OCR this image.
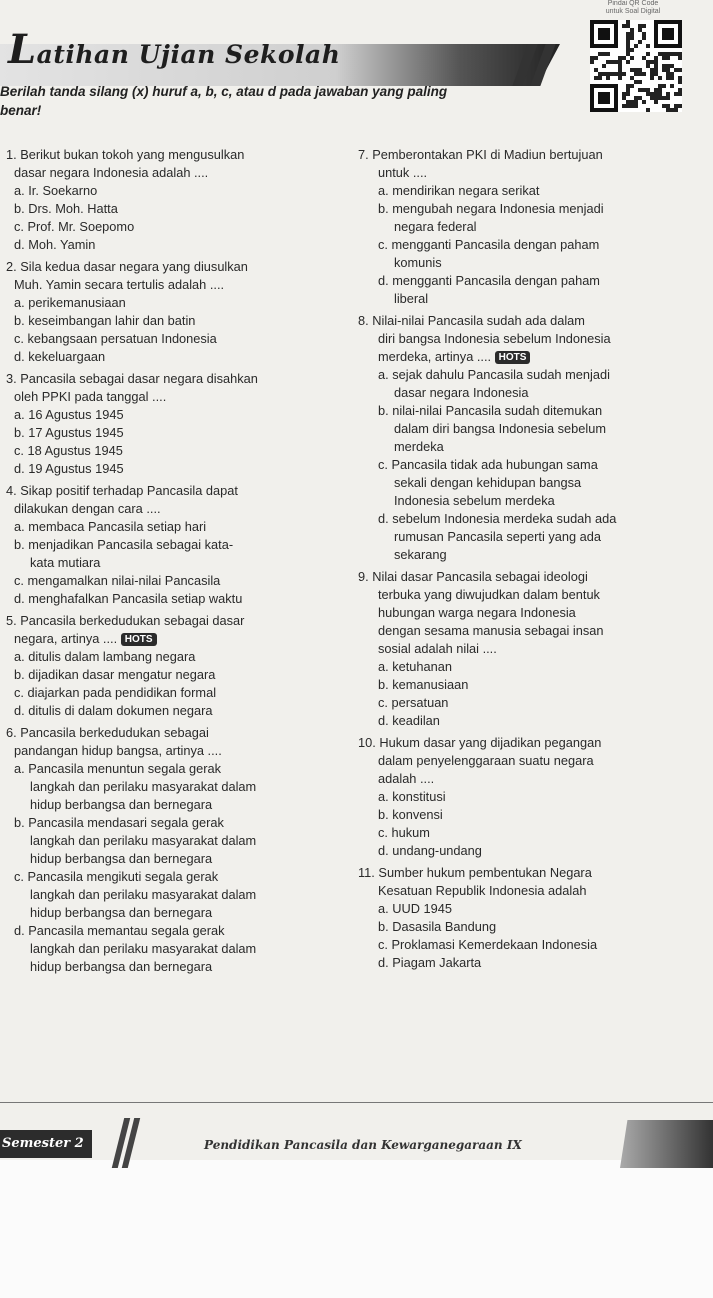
Latihan Ujian Sekolah
Pindai QR Code
untuk Soal Digital
Berilah tanda silang (x) huruf a, b, c, atau d pada jawaban yang paling
benar!
1. Berikut bukan tokoh yang mengusulkan
dasar negara Indonesia adalah ....
a. Ir. Soekarno
b. Drs. Moh. Hatta
c. Prof. Mr. Soepomo
d. Moh. Yamin
2. Sila kedua dasar negara yang diusulkan
Muh. Yamin secara tertulis adalah ....
a. perikemanusiaan
b. keseimbangan lahir dan batin
c. kebangsaan persatuan Indonesia
d. kekeluargaan
3. Pancasila sebagai dasar negara disahkan
oleh PPKI pada tanggal ....
a. 16 Agustus 1945
b. 17 Agustus 1945
c. 18 Agustus 1945
d. 19 Agustus 1945
4. Sikap positif terhadap Pancasila dapat
dilakukan dengan cara ....
a. membaca Pancasila setiap hari
b. menjadikan Pancasila sebagai kata-
kata mutiara
c. mengamalkan nilai-nilai Pancasila
d. menghafalkan Pancasila setiap waktu
5. Pancasila berkedudukan sebagai dasar
negara, artinya .... HOTS
a. ditulis dalam lambang negara
b. dijadikan dasar mengatur negara
c. diajarkan pada pendidikan formal
d. ditulis di dalam dokumen negara
6. Pancasila berkedudukan sebagai
pandangan hidup bangsa, artinya ....
a. Pancasila menuntun segala gerak
langkah dan perilaku masyarakat dalam
hidup berbangsa dan bernegara
b. Pancasila mendasari segala gerak
langkah dan perilaku masyarakat dalam
hidup berbangsa dan bernegara
c. Pancasila mengikuti segala gerak
langkah dan perilaku masyarakat dalam
hidup berbangsa dan bernegara
d. Pancasila memantau segala gerak
langkah dan perilaku masyarakat dalam
hidup berbangsa dan bernegara
7. Pemberontakan PKI di Madiun bertujuan
untuk ....
a. mendirikan negara serikat
b. mengubah negara Indonesia menjadi
negara federal
c. mengganti Pancasila dengan paham
komunis
d. mengganti Pancasila dengan paham
liberal
8. Nilai-nilai Pancasila sudah ada dalam
diri bangsa Indonesia sebelum Indonesia
merdeka, artinya .... HOTS
a. sejak dahulu Pancasila sudah menjadi
dasar negara Indonesia
b. nilai-nilai Pancasila sudah ditemukan
dalam diri bangsa Indonesia sebelum
merdeka
c. Pancasila tidak ada hubungan sama
sekali dengan kehidupan bangsa
Indonesia sebelum merdeka
d. sebelum Indonesia merdeka sudah ada
rumusan Pancasila seperti yang ada
sekarang
9. Nilai dasar Pancasila sebagai ideologi
terbuka yang diwujudkan dalam bentuk
hubungan warga negara Indonesia
dengan sesama manusia sebagai insan
sosial adalah nilai ....
a. ketuhanan
b. kemanusiaan
c. persatuan
d. keadilan
10. Hukum dasar yang dijadikan pegangan
dalam penyelenggaraan suatu negara
adalah ....
a. konstitusi
b. konvensi
c. hukum
d. undang-undang
11. Sumber hukum pembentukan Negara
Kesatuan Republik Indonesia adalah
a. UUD 1945
b. Dasasila Bandung
c. Proklamasi Kemerdekaan Indonesia
d. Piagam Jakarta
Semester 2	Pendidikan Pancasila dan Kewarganegaraan IX
